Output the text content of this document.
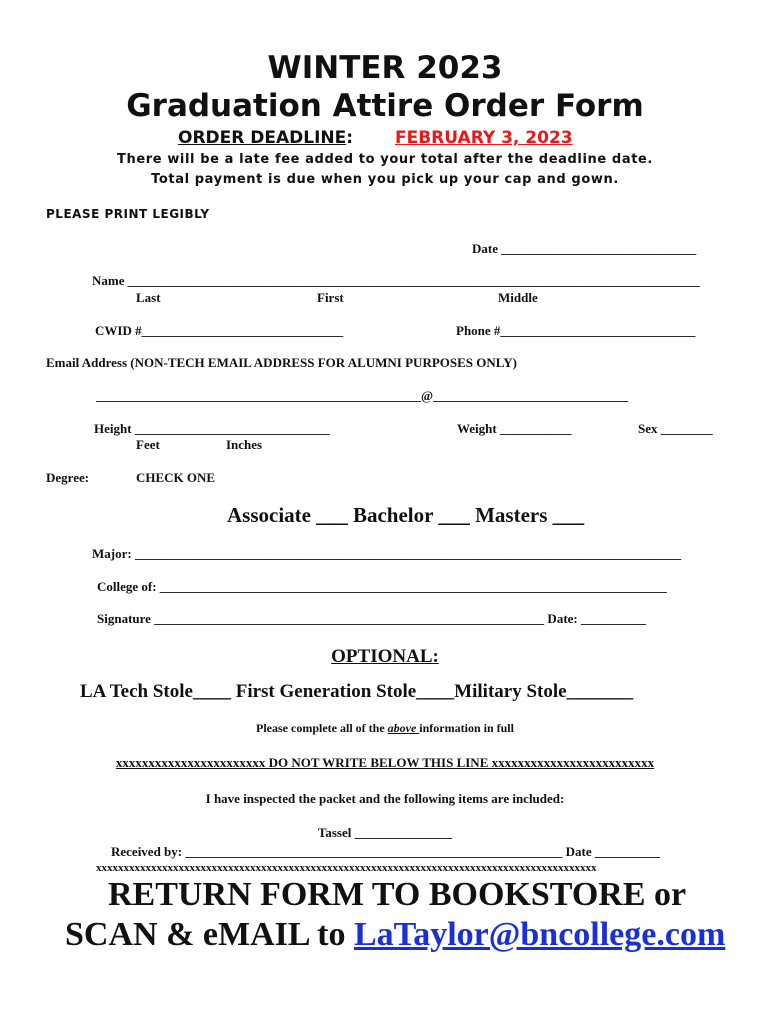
WINTER 2023
Graduation Attire Order Form
ORDER DEADLINE: FEBRUARY 3, 2023
There will be a late fee added to your total after the deadline date.
Total payment is due when you pick up your cap and gown.
PLEASE PRINT LEGIBLY
Date ______________________________
Name ________________________________________________________________________________________
Last	First	Middle
CWID #_______________________________	Phone #______________________________
Email Address (NON-TECH EMAIL ADDRESS FOR ALUMNI PURPOSES ONLY)
__________________________________________________@______________________________
Height ______________________________
Feet	Inches
Weight ___________	Sex ________
Degree:	CHECK ONE
Associate ___ Bachelor ___ Masters ___
Major: ____________________________________________________________________________________
College of: ______________________________________________________________________________
Signature ____________________________________________________________ Date: __________
OPTIONAL:
LA Tech Stole____ First Generation Stole____Military Stole_______
Please complete all of the above information in full
xxxxxxxxxxxxxxxxxxxxxxx DO NOT WRITE BELOW THIS LINE xxxxxxxxxxxxxxxxxxxxxxxxx
I have inspected the packet and the following items are included:
Tassel _______________
Received by: __________________________________________________________ Date __________
xxxxxxxxxxxxxxxxxxxxxxxxxxxxxxxxxxxxxxxxxxxxxxxxxxxxxxxxxxxxxxxxxxxxxxxxxxxxxxxxxxxxxxxxxxx
RETURN FORM TO BOOKSTORE or
SCAN & eMAIL to LaTaylor@bncollege.com
